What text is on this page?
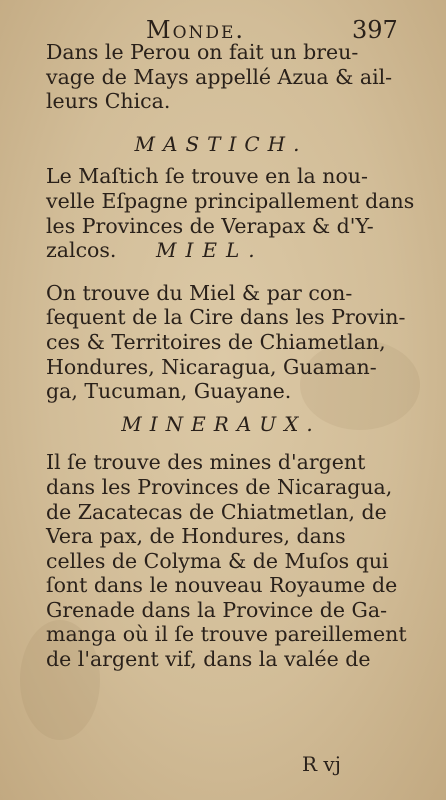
Monde.	397

Dans le Perou on fait un breu-
vage de Mays appellé Azua & ail-
leurs Chica.

MASTICH.

Le Maſtich ſe trouve en la nou-
velle Eſpagne principallement dans
les Provinces de Verapax & d'Y-
zalcos. MIEL.

On trouve du Miel & par con-
ſequent de la Cire dans les Provin-
ces & Territoires de Chiametlan,
Hondures, Nicaragua, Guaman-
ga, Tucuman, Guayane.

MINERAUX.

Il ſe trouve des mines d'argent
dans les Provinces de Nicaragua,
de Zacatecas de Chiatmetlan, de
Vera pax, de Hondures, dans
celles de Colyma & de Muſos qui
ſont dans le nouveau Royaume de
Grenade dans la Province de Ga-
manga où il ſe trouve pareillement
de l'argent vif, dans la valée de

R vj
